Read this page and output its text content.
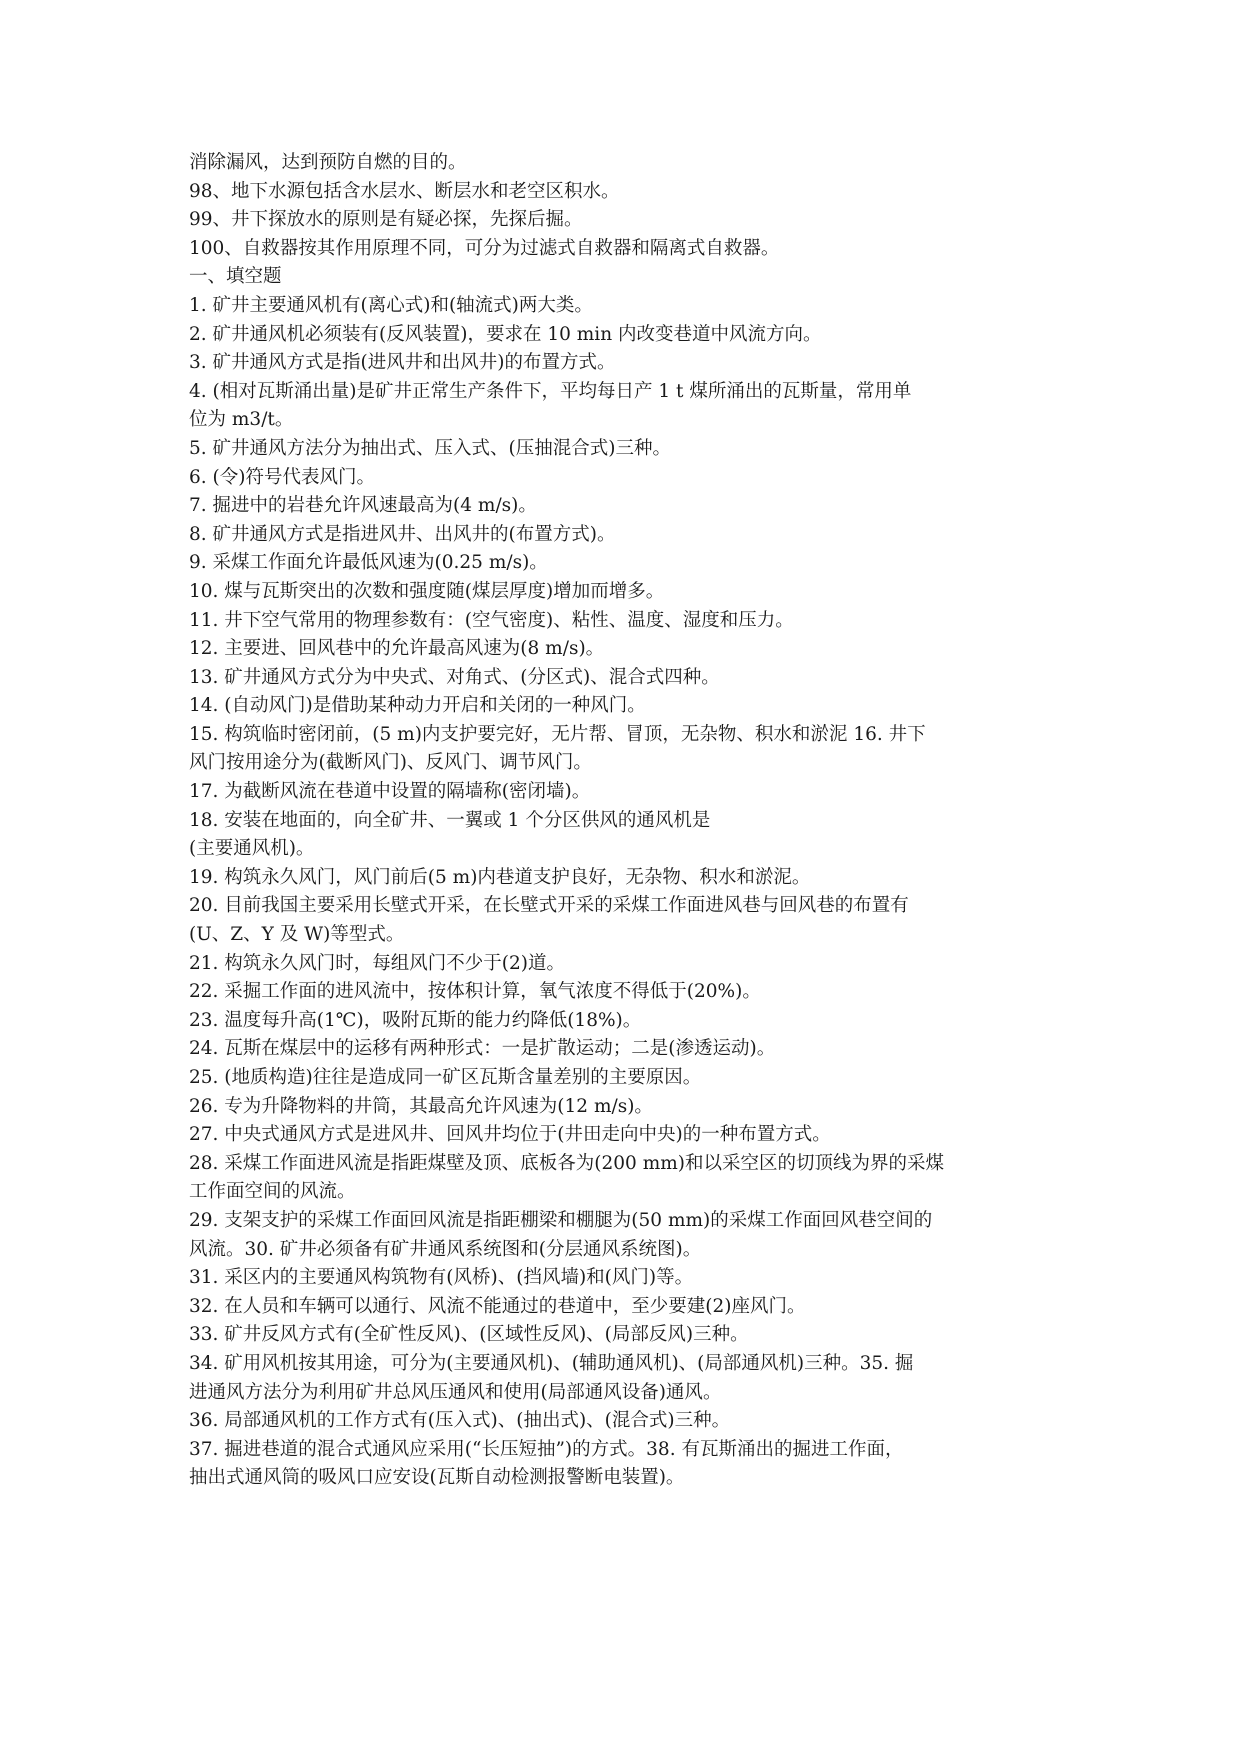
消除漏风，达到预防自燃的目的。
98、地下水源包括含水层水、断层水和老空区积水。
99、井下探放水的原则是有疑必探，先探后掘。
100、自救器按其作用原理不同，可分为过滤式自救器和隔离式自救器。
一、填空题
1. 矿井主要通风机有(离心式)和(轴流式)两大类。
2. 矿井通风机必须装有(反风装置)，要求在 10 min 内改变巷道中风流方向。
3. 矿井通风方式是指(进风井和出风井)的布置方式。
4. (相对瓦斯涌出量)是矿井正常生产条件下，平均每日产 1 t 煤所涌出的瓦斯量，常用单
位为 m3/t。
5. 矿井通风方法分为抽出式、压入式、(压抽混合式)三种。
6. (令)符号代表风门。
7. 掘进中的岩巷允许风速最高为(4 m/s)。
8. 矿井通风方式是指进风井、出风井的(布置方式)。
9. 采煤工作面允许最低风速为(0.25 m/s)。
10. 煤与瓦斯突出的次数和强度随(煤层厚度)增加而增多。
11. 井下空气常用的物理参数有：(空气密度)、粘性、温度、湿度和压力。
12. 主要进、回风巷中的允许最高风速为(8 m/s)。
13. 矿井通风方式分为中央式、对角式、(分区式)、混合式四种。
14. (自动风门)是借助某种动力开启和关闭的一种风门。
15. 构筑临时密闭前，(5 m)内支护要完好，无片帮、冒顶，无杂物、积水和淤泥 16. 井下
风门按用途分为(截断风门)、反风门、调节风门。
17. 为截断风流在巷道中设置的隔墙称(密闭墙)。
18. 安装在地面的，向全矿井、一翼或 1 个分区供风的通风机是
(主要通风机)。
19. 构筑永久风门，风门前后(5 m)内巷道支护良好，无杂物、积水和淤泥。
20. 目前我国主要采用长壁式开采，在长壁式开采的采煤工作面进风巷与回风巷的布置有
(U、Z、Y 及 W)等型式。
21. 构筑永久风门时，每组风门不少于(2)道。
22. 采掘工作面的进风流中，按体积计算，氧气浓度不得低于(20%)。
23. 温度每升高(1℃)，吸附瓦斯的能力约降低(18%)。
24. 瓦斯在煤层中的运移有两种形式：一是扩散运动；二是(渗透运动)。
25. (地质构造)往往是造成同一矿区瓦斯含量差别的主要原因。
26. 专为升降物料的井筒，其最高允许风速为(12 m/s)。
27. 中央式通风方式是进风井、回风井均位于(井田走向中央)的一种布置方式。
28. 采煤工作面进风流是指距煤壁及顶、底板各为(200 mm)和以采空区的切顶线为界的采煤
工作面空间的风流。
29. 支架支护的采煤工作面回风流是指距棚梁和棚腿为(50 mm)的采煤工作面回风巷空间的
风流。30. 矿井必须备有矿井通风系统图和(分层通风系统图)。
31. 采区内的主要通风构筑物有(风桥)、(挡风墙)和(风门)等。
32. 在人员和车辆可以通行、风流不能通过的巷道中，至少要建(2)座风门。
33. 矿井反风方式有(全矿性反风)、(区域性反风)、(局部反风)三种。
34. 矿用风机按其用途，可分为(主要通风机)、(辅助通风机)、(局部通风机)三种。35. 掘
进通风方法分为利用矿井总风压通风和使用(局部通风设备)通风。
36. 局部通风机的工作方式有(压入式)、(抽出式)、(混合式)三种。
37. 掘进巷道的混合式通风应采用(“长压短抽”)的方式。38. 有瓦斯涌出的掘进工作面，
抽出式通风筒的吸风口应安设(瓦斯自动检测报警断电装置)。
